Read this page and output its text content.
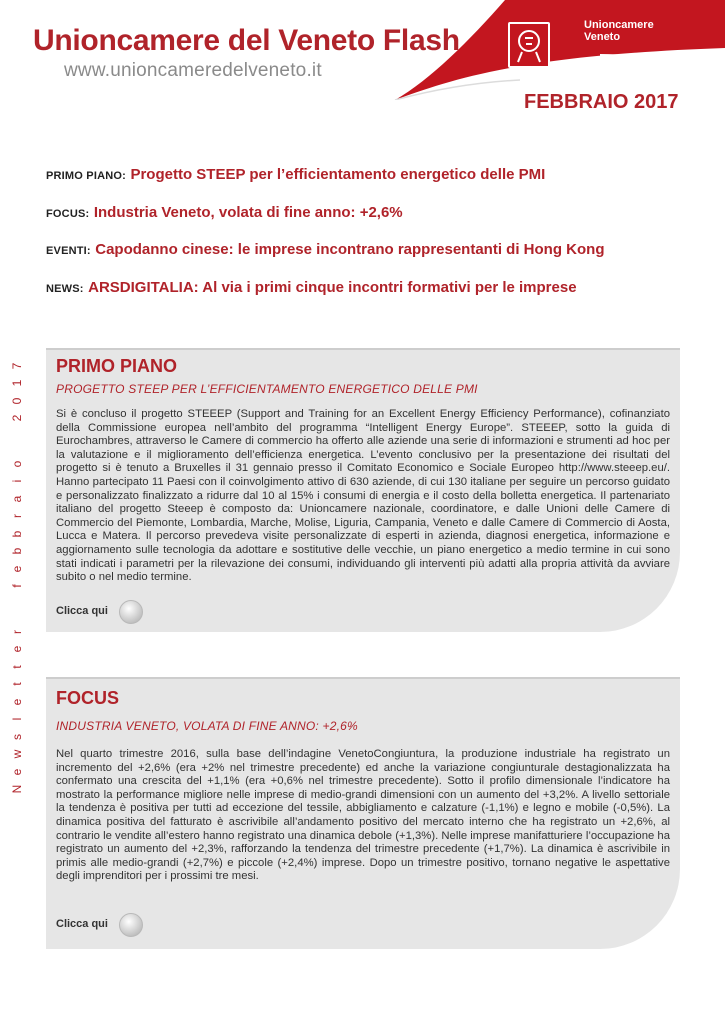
Unioncamere del Veneto Flash
www.unioncameredelveneto.it
Unioncamere
Veneto
FEBBRAIO 2017
PRIMO PIANO: Progetto STEEP per l’efficientamento energetico delle PMI
FOCUS: Industria Veneto, volata di fine anno: +2,6%
EVENTI: Capodanno cinese: le imprese incontrano rappresentanti di Hong Kong
NEWS: ARSDIGITALIA: Al via i primi cinque incontri formativi per le imprese
N
e
w
s
l
e
t
t
e
r
f
e
b
b
r
a
i
o
2
0
1
7 PRIMO PIANO
PROGETTO STEEP PER L’EFFICIENTAMENTO ENERGETICO DELLE PMI
Si è concluso il progetto STEEEP (Support and Training for an Excellent Energy Efficiency Performance), cofinanziato della Commissione europea nell’ambito del programma “Intelligent Energy Europe”. STEEEP, sotto la guida di Eurochambres, attraverso le Camere di commercio ha offerto alle aziende una serie di informazioni e strumenti ad hoc per la valutazione e il miglioramento dell’efficienza energetica. L’evento conclusivo per la presentazione dei risultati del progetto si è tenuto a Bruxelles il 31 gennaio presso il Comitato Economico e Sociale Europeo http://www.steeep.eu/. Hanno partecipato 11 Paesi con il coinvolgimento attivo di 630 aziende, di cui 130 italiane per seguire un percorso guidato e personalizzato finalizzato a ridurre dal 10 al 15% i consumi di energia e il costo della bolletta energetica. Il partenariato italiano del progetto Steeep è composto da: Unioncamere nazionale, coordinatore, e dalle Unioni delle Camere di Commercio del Piemonte, Lombardia, Marche, Molise, Liguria, Campania, Veneto e dalle Camere di Commercio di Aosta, Lucca e Matera. Il percorso prevedeva visite personalizzate di esperti in azienda, diagnosi energetica, informazione e aggiornamento sulle tecnologia da adottare e sostitutive delle vecchie, un piano energetico a medio termine in cui sono stati indicati i parametri per la rilevazione dei consumi, individuando gli interventi più adatti alla propria attività da avviare subito o nel medio termine.
Clicca qui
FOCUS
INDUSTRIA VENETO, VOLATA DI FINE ANNO: +2,6%
Nel quarto trimestre 2016, sulla base dell’indagine VenetoCongiuntura, la produzione industriale ha registrato un incremento del +2,6% (era +2% nel trimestre precedente) ed anche la variazione congiunturale destagionalizzata ha confermato una crescita del +1,1% (era +0,6% nel trimestre precedente). Sotto il profilo dimensionale l’indicatore ha mostrato la performance migliore nelle imprese di medio-grandi dimensioni con un aumento del +3,2%. A livello settoriale la tendenza è positiva per tutti ad eccezione del tessile, abbigliamento e calzature (-1,1%) e legno e mobile (-0,5%). La dinamica positiva del fatturato è ascrivibile all’andamento positivo del mercato interno che ha registrato un +2,6%, al contrario le vendite all’estero hanno registrato una dinamica debole (+1,3%). Nelle imprese manifatturiere l’occupazione ha registrato un aumento del +2,3%, rafforzando la tendenza del trimestre precedente (+1,7%). La dinamica è ascrivibile in primis alle medio-grandi (+2,7%) e piccole (+2,4%) imprese. Dopo un trimestre positivo, tornano negative le aspettative degli imprenditori per i prossimi tre mesi.
Clicca qui
